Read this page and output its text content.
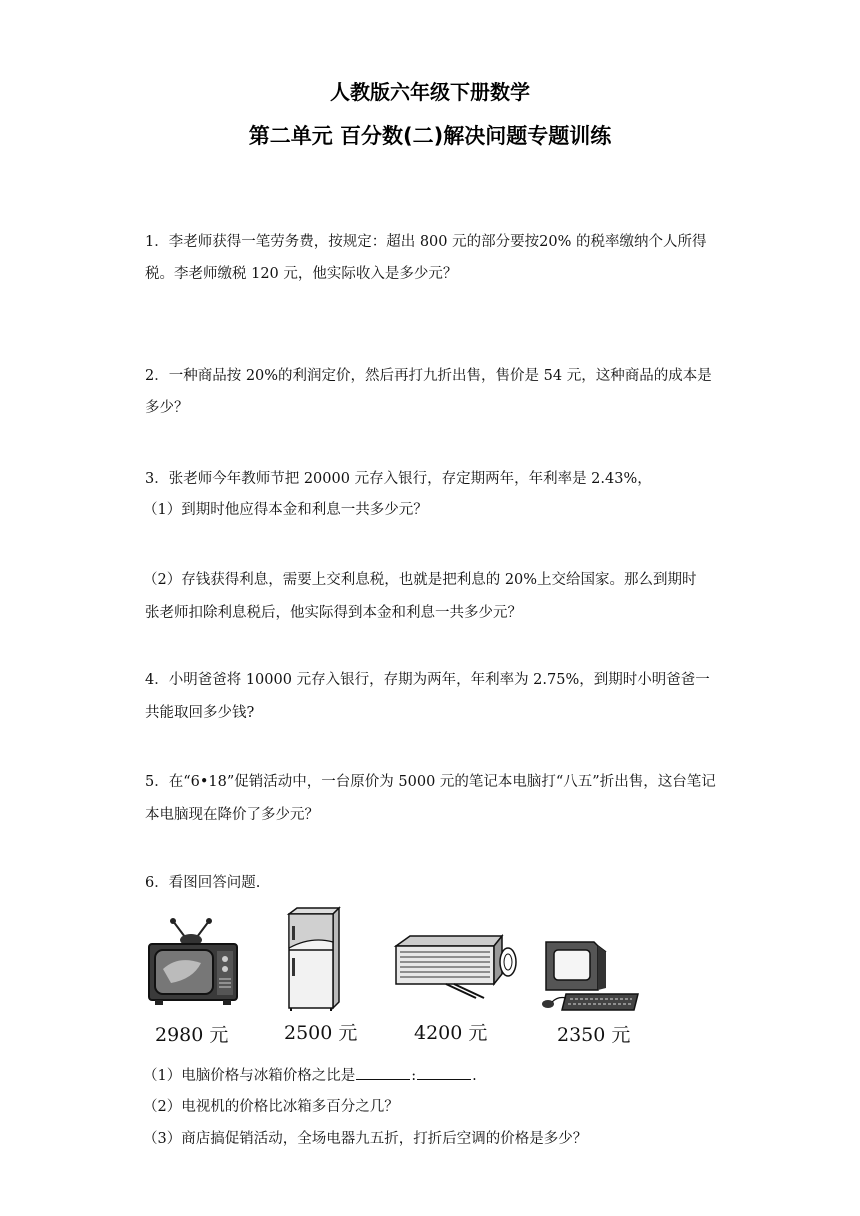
人教版六年级下册数学
第二单元 百分数(二)解决问题专题训练
1．李老师获得一笔劳务费，按规定：超出 800 元的部分要按20% 的税率缴纳个人所得
税。李老师缴税 120 元，他实际收入是多少元？
2．一种商品按 20%的利润定价，然后再打九折出售，售价是 54 元，这种商品的成本是
多少？
3．张老师今年教师节把 20000 元存入银行，存定期两年，年利率是 2.43%，
（1）到期时他应得本金和利息一共多少元？
（2）存钱获得利息，需要上交利息税，也就是把利息的 20%上交给国家。那么到期时
张老师扣除利息税后，他实际得到本金和利息一共多少元？
4．小明爸爸将 10000 元存入银行，存期为两年，年利率为 2.75%，到期时小明爸爸一
共能取回多少钱?
5．在“6•18”促销活动中，一台原价为 5000 元的笔记本电脑打“八五”折出售，这台笔记
本电脑现在降价了多少元？
6．看图回答问题.
2980 元	2500 元	4200 元	2350 元
（1）电脑价格与冰箱价格之比是	:	.
（2）电视机的价格比冰箱多百分之几？
（3）商店搞促销活动，全场电器九五折，打折后空调的价格是多少？
